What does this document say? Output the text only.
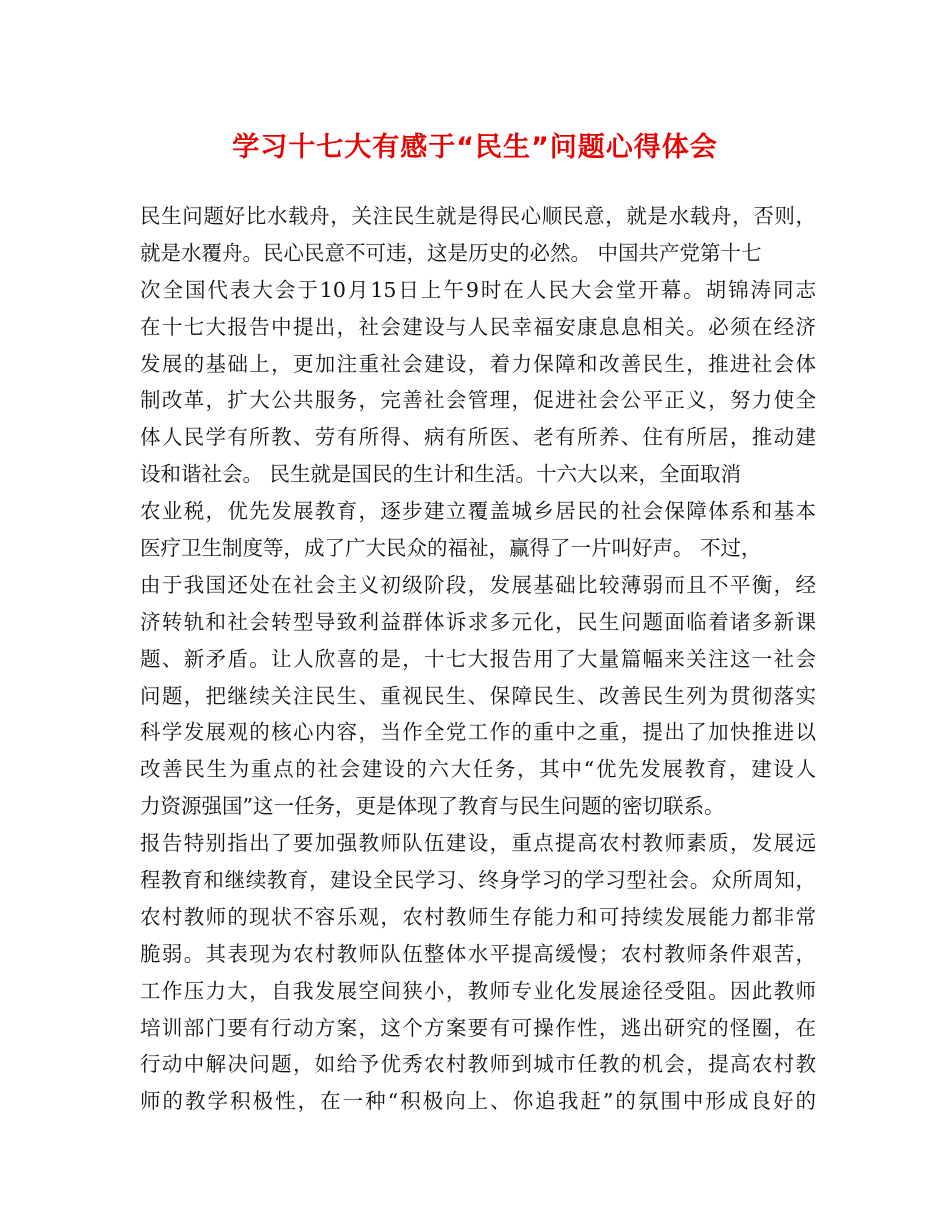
学习十七大有感于“民生”问题心得体会
民生问题好比水载舟，关注民生就是得民心顺民意，就是水载舟，否则，
就是水覆舟。民心民意不可违，这是历史的必然。 中国共产党第十七
次全国代表大会于10月15日上午9时在人民大会堂开幕。胡锦涛同志
在十七大报告中提出，社会建设与人民幸福安康息息相关。必须在经济
发展的基础上，更加注重社会建设，着力保障和改善民生，推进社会体
制改革，扩大公共服务，完善社会管理，促进社会公平正义，努力使全
体人民学有所教、劳有所得、病有所医、老有所养、住有所居，推动建
设和谐社会。 民生就是国民的生计和生活。十六大以来，全面取消
农业税，优先发展教育，逐步建立覆盖城乡居民的社会保障体系和基本
医疗卫生制度等，成了广大民众的福祉，赢得了一片叫好声。 不过，
由于我国还处在社会主义初级阶段，发展基础比较薄弱而且不平衡，经
济转轨和社会转型导致利益群体诉求多元化，民生问题面临着诸多新课
题、新矛盾。让人欣喜的是，十七大报告用了大量篇幅来关注这一社会
问题，把继续关注民生、重视民生、保障民生、改善民生列为贯彻落实
科学发展观的核心内容，当作全党工作的重中之重，提出了加快推进以
改善民生为重点的社会建设的六大任务，其中“优先发展教育，建设人
力资源强国”这一任务，更是体现了教育与民生问题的密切联系。
报告特别指出了要加强教师队伍建设，重点提高农村教师素质，发展远
程教育和继续教育，建设全民学习、终身学习的学习型社会。众所周知，
农村教师的现状不容乐观，农村教师生存能力和可持续发展能力都非常
脆弱。其表现为农村教师队伍整体水平提高缓慢；农村教师条件艰苦，
工作压力大，自我发展空间狭小，教师专业化发展途径受阻。因此教师
培训部门要有行动方案，这个方案要有可操作性，逃出研究的怪圈，在
行动中解决问题，如给予优秀农村教师到城市任教的机会，提高农村教
师的教学积极性，在一种“积极向上、你追我赶”的氛围中形成良好的
